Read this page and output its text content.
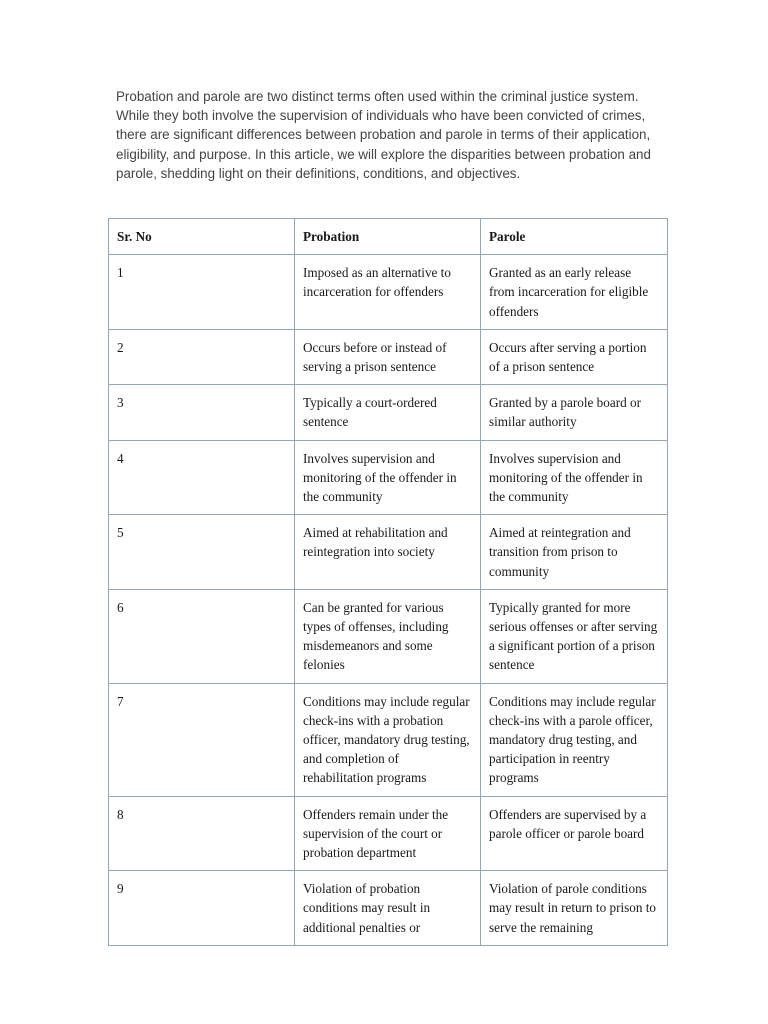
Probation and parole are two distinct terms often used within the criminal justice system. While they both involve the supervision of individuals who have been convicted of crimes, there are significant differences between probation and parole in terms of their application, eligibility, and purpose. In this article, we will explore the disparities between probation and parole, shedding light on their definitions, conditions, and objectives.

Sr. No	Probation	Parole
1	Imposed as an alternative to incarceration for offenders	Granted as an early release from incarceration for eligible offenders
2	Occurs before or instead of serving a prison sentence	Occurs after serving a portion of a prison sentence
3	Typically a court-ordered sentence	Granted by a parole board or similar authority
4	Involves supervision and monitoring of the offender in the community	Involves supervision and monitoring of the offender in the community
5	Aimed at rehabilitation and reintegration into society	Aimed at reintegration and transition from prison to community
6	Can be granted for various types of offenses, including misdemeanors and some felonies	Typically granted for more serious offenses or after serving a significant portion of a prison sentence
7	Conditions may include regular check-ins with a probation officer, mandatory drug testing, and completion of rehabilitation programs	Conditions may include regular check-ins with a parole officer, mandatory drug testing, and participation in reentry programs
8	Offenders remain under the supervision of the court or probation department	Offenders are supervised by a parole officer or parole board
9	Violation of probation conditions may result in additional penalties or	Violation of parole conditions may result in return to prison to serve the remaining
